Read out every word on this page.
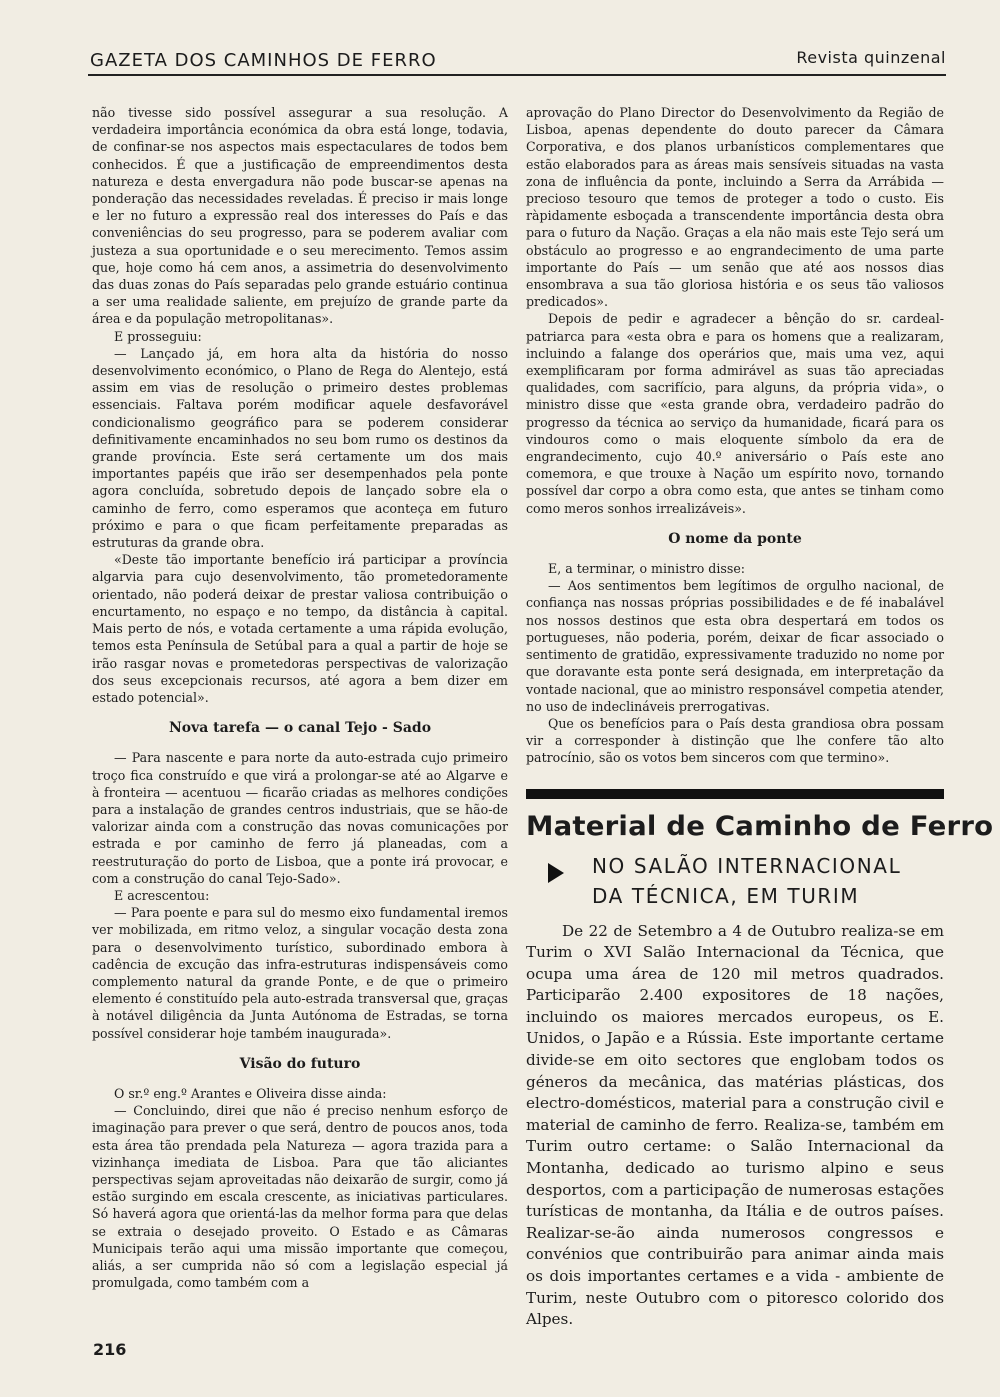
GAZETA DOS CAMINHOS DE FERRO	Revista quinzenal

não tivesse sido possível assegurar a sua resolução. A verdadeira importância económica da obra está longe, todavia, de confinar-se nos aspectos mais espectaculares de todos bem conhecidos. É que a justificação de empreendimentos desta natureza e desta envergadura não pode buscar-se apenas na ponderação das necessidades reveladas. É preciso ir mais longe e ler no futuro a expressão real dos interesses do País e das conveniências do seu progresso, para se poderem avaliar com justeza a sua oportunidade e o seu merecimento. Temos assim que, hoje como há cem anos, a assimetria do desenvolvimento das duas zonas do País separadas pelo grande estuário continua a ser uma realidade saliente, em prejuízo de grande parte da área e da população metropolitanas».

E prosseguiu:

— Lançado já, em hora alta da história do nosso desenvolvimento económico, o Plano de Rega do Alentejo, está assim em vias de resolução o primeiro destes problemas essenciais. Faltava porém modificar aquele desfavorável condicionalismo geográfico para se poderem considerar definitivamente encaminhados no seu bom rumo os destinos da grande província. Este será certamente um dos mais importantes papéis que irão ser desempenhados pela ponte agora concluída, sobretudo depois de lançado sobre ela o caminho de ferro, como esperamos que aconteça em futuro próximo e para o que ficam perfeitamente preparadas as estruturas da grande obra.

«Deste tão importante benefício irá participar a província algarvia para cujo desenvolvimento, tão prometedoramente orientado, não poderá deixar de prestar valiosa contribuição o encurtamento, no espaço e no tempo, da distância à capital. Mais perto de nós, e votada certamente a uma rápida evolução, temos esta Península de Setúbal para a qual a partir de hoje se irão rasgar novas e prometedoras perspectivas de valorização dos seus excepcionais recursos, até agora a bem dizer em estado potencial».

Nova tarefa — o canal Tejo - Sado

— Para nascente e para norte da auto-estrada cujo primeiro troço fica construído e que virá a prolongar-se até ao Algarve e à fronteira — acentuou — ficarão criadas as melhores condições para a instalação de grandes centros industriais, que se hão-de valorizar ainda com a construção das novas comunicações por estrada e por caminho de ferro já planeadas, com a reestruturação do porto de Lisboa, que a ponte irá provocar, e com a construção do canal Tejo-Sado».

E acrescentou:

— Para poente e para sul do mesmo eixo fundamental iremos ver mobilizada, em ritmo veloz, a singular vocação desta zona para o desenvolvimento turístico, subordinado embora à cadência de excução das infra-estruturas indispensáveis como complemento natural da grande Ponte, e de que o primeiro elemento é constituído pela auto-estrada transversal que, graças à notável diligência da Junta Autónoma de Estradas, se torna possível considerar hoje também inaugurada».

Visão do futuro

O sr.º eng.º Arantes e Oliveira disse ainda:

— Concluindo, direi que não é preciso nenhum esforço de imaginação para prever o que será, dentro de poucos anos, toda esta área tão prendada pela Natureza — agora trazida para a vizinhança imediata de Lisboa. Para que tão aliciantes perspectivas sejam aproveitadas não deixarão de surgir, como já estão surgindo em escala crescente, as iniciativas particulares. Só haverá agora que orientá-las da melhor forma para que delas se extraia o desejado proveito. O Estado e as Câmaras Municipais terão aqui uma missão importante que começou, aliás, a ser cumprida não só com a legislação especial já promulgada, como também com a

aprovação do Plano Director do Desenvolvimento da Região de Lisboa, apenas dependente do douto parecer da Câmara Corporativa, e dos planos urbanísticos complementares que estão elaborados para as áreas mais sensíveis situadas na vasta zona de influência da ponte, incluindo a Serra da Arrábida — precioso tesouro que temos de proteger a todo o custo. Eis ràpidamente esboçada a transcendente importância desta obra para o futuro da Nação. Graças a ela não mais este Tejo será um obstáculo ao progresso e ao engrandecimento de uma parte importante do País — um senão que até aos nossos dias ensombrava a sua tão gloriosa história e os seus tão valiosos predicados».

Depois de pedir e agradecer a bênção do sr. cardeal-patriarca para «esta obra e para os homens que a realizaram, incluindo a falange dos operários que, mais uma vez, aqui exemplificaram por forma admirável as suas tão apreciadas qualidades, com sacrifício, para alguns, da própria vida», o ministro disse que «esta grande obra, verdadeiro padrão do progresso da técnica ao serviço da humanidade, ficará para os vindouros como o mais eloquente símbolo da era de engrandecimento, cujo 40.º aniversário o País este ano comemora, e que trouxe à Nação um espírito novo, tornando possível dar corpo a obra como esta, que antes se tinham como como meros sonhos irrealizáveis».

O nome da ponte

E, a terminar, o ministro disse:

— Aos sentimentos bem legítimos de orgulho nacional, de confiança nas nossas próprias possibilidades e de fé inabalável nos nossos destinos que esta obra despertará em todos os portugueses, não poderia, porém, deixar de ficar associado o sentimento de gratidão, expressivamente traduzido no nome por que doravante esta ponte será designada, em interpretação da vontade nacional, que ao ministro responsável competia atender, no uso de indeclináveis prerrogativas.

Que os benefícios para o País desta grandiosa obra possam vir a corresponder à distinção que lhe confere tão alto patrocínio, são os votos bem sinceros com que termino».

Material de Caminho de Ferro
NO SALÃO INTERNACIONAL
DA TÉCNICA, EM TURIM

De 22 de Setembro a 4 de Outubro realiza-se em Turim o XVI Salão Internacional da Técnica, que ocupa uma área de 120 mil metros quadrados. Participarão 2.400 expositores de 18 nações, incluindo os maiores mercados europeus, os E. Unidos, o Japão e a Rússia. Este importante certame divide-se em oito sectores que englobam todos os géneros da mecânica, das matérias plásticas, dos electro-domésticos, material para a construção civil e material de caminho de ferro. Realiza-se, também em Turim outro certame: o Salão Internacional da Montanha, dedicado ao turismo alpino e seus desportos, com a participação de numerosas estações turísticas de montanha, da Itália e de outros países. Realizar-se-ão ainda numerosos congressos e convénios que contribuirão para animar ainda mais os dois importantes certames e a vida - ambiente de Turim, neste Outubro com o pitoresco colorido dos Alpes.

216
